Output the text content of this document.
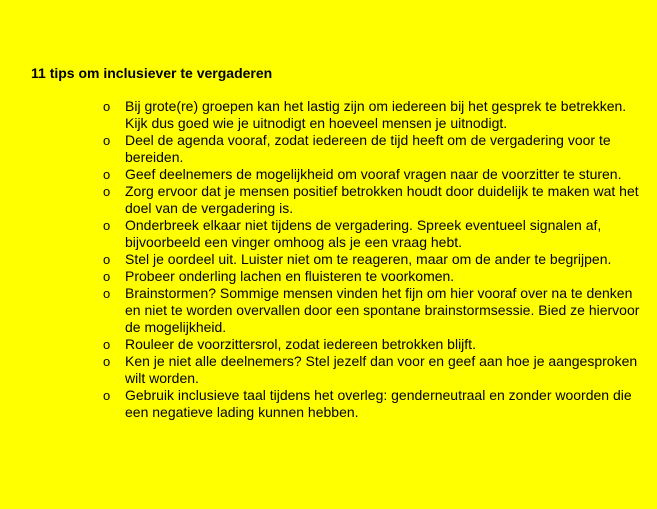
11 tips om inclusiever te vergaderen
o Bij grote(re) groepen kan het lastig zijn om iedereen bij het gesprek te betrekken. Kijk dus goed wie je uitnodigt en hoeveel mensen je uitnodigt.
o Deel de agenda vooraf, zodat iedereen de tijd heeft om de vergadering voor te bereiden.
o Geef deelnemers de mogelijkheid om vooraf vragen naar de voorzitter te sturen.
o Zorg ervoor dat je mensen positief betrokken houdt door duidelijk te maken wat het doel van de vergadering is.
o Onderbreek elkaar niet tijdens de vergadering. Spreek eventueel signalen af, bijvoorbeeld een vinger omhoog als je een vraag hebt.
o Stel je oordeel uit. Luister niet om te reageren, maar om de ander te begrijpen.
o Probeer onderling lachen en fluisteren te voorkomen.
o Brainstormen? Sommige mensen vinden het fijn om hier vooraf over na te denken en niet te worden overvallen door een spontane brainstormsessie. Bied ze hiervoor de mogelijkheid.
o Rouleer de voorzittersrol, zodat iedereen betrokken blijft.
o Ken je niet alle deelnemers? Stel jezelf dan voor en geef aan hoe je aangesproken wilt worden.
o Gebruik inclusieve taal tijdens het overleg: genderneutraal en zonder woorden die een negatieve lading kunnen hebben.
